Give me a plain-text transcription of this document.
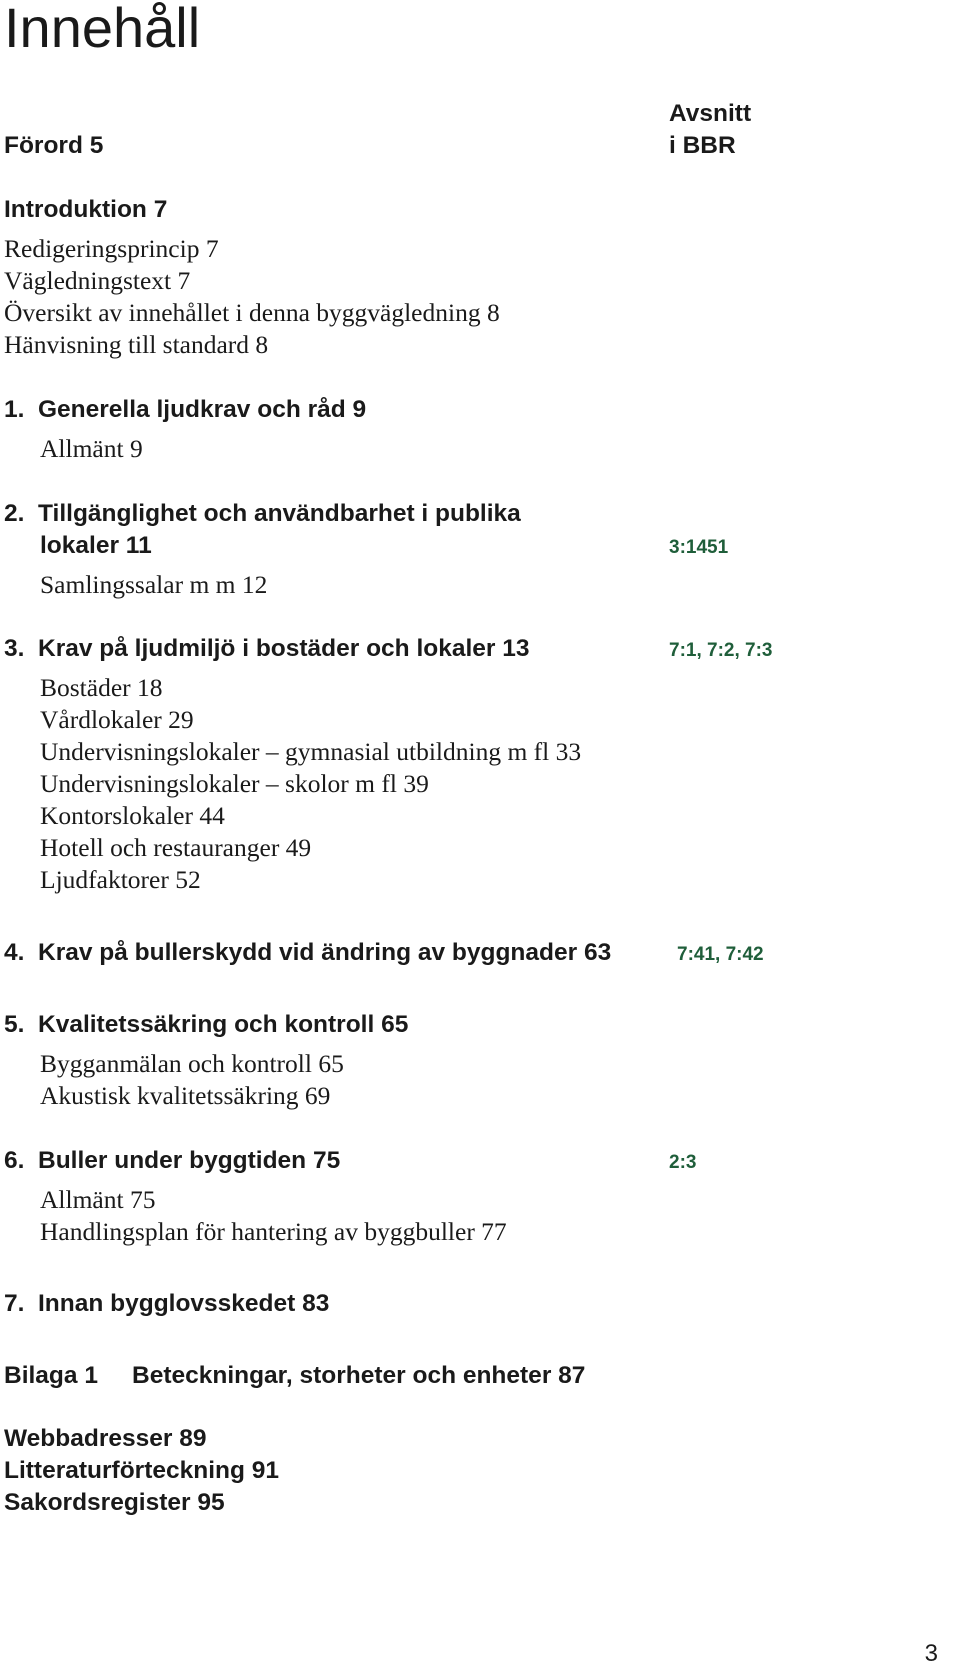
Innehåll
Avsnitt
i BBR
Förord 5
Introduktion 7
Redigeringsprincip 7
Vägledningstext 7
Översikt av innehållet i denna byggvägledning 8
Hänvisning till standard 8
1. Generella ljudkrav och råd 9
Allmänt 9
2. Tillgänglighet och användbarhet i publika
lokaler 11	3:1451
Samlingssalar m m 12
3. Krav på ljudmiljö i bostäder och lokaler 13	7:1, 7:2, 7:3
Bostäder 18
Vårdlokaler 29
Undervisningslokaler – gymnasial utbildning m fl 33
Undervisningslokaler – skolor m fl 39
Kontorslokaler 44
Hotell och restauranger 49
Ljudfaktorer 52
4. Krav på bullerskydd vid ändring av byggnader 63	7:41, 7:42
5. Kvalitetssäkring och kontroll 65
Bygganmälan och kontroll 65
Akustisk kvalitetssäkring 69
6. Buller under byggtiden 75	2:3
Allmänt 75
Handlingsplan för hantering av byggbuller 77
7. Innan bygglovsskedet 83
Bilaga 1 Beteckningar, storheter och enheter 87
Webbadresser 89
Litteraturförteckning 91
Sakordsregister 95
3
